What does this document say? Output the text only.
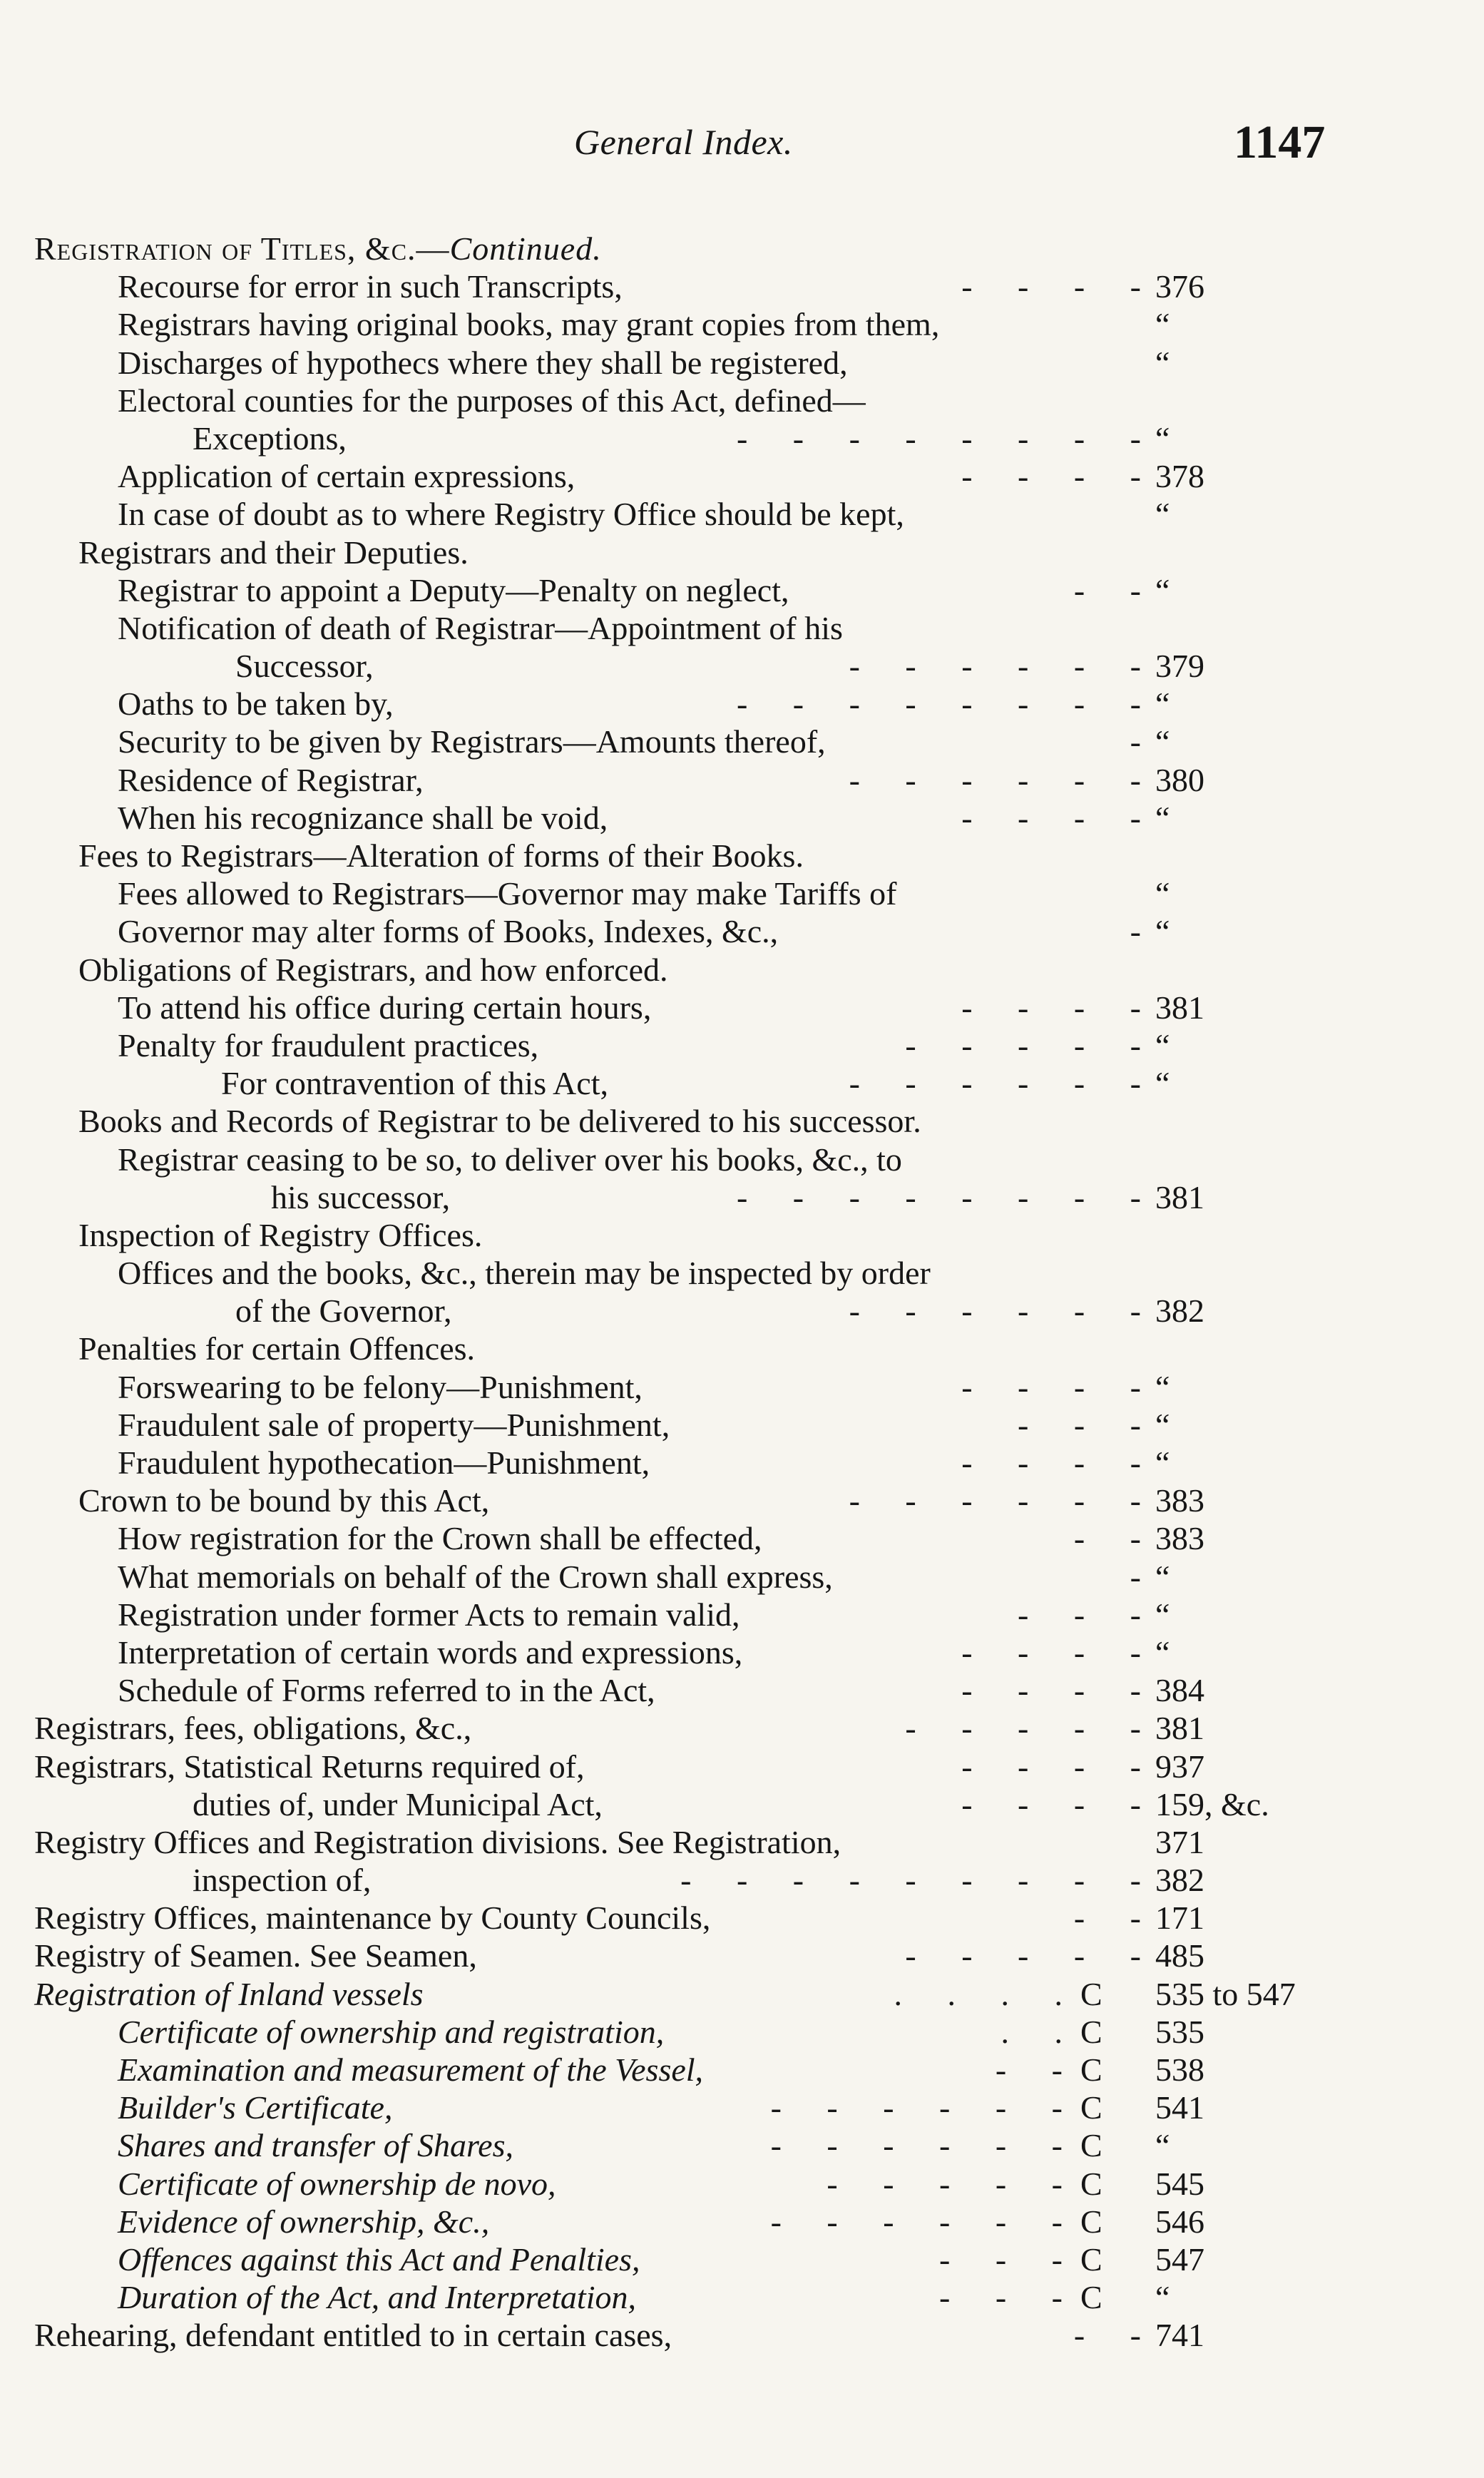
General Index.	1147
Registration of Titles, &c.—Continued.
Recourse for error in such Transcripts,	- - - - 376
Registrars having original books, may grant copies from them,	“
Discharges of hypothecs where they shall be registered,	“
Electoral counties for the purposes of this Act, defined—
Exceptions,	- - - - - - - - “
Application of certain expressions,	- - - - 378
In case of doubt as to where Registry Office should be kept,	“
Registrars and their Deputies.
Registrar to appoint a Deputy—Penalty on neglect,	- - “
Notification of death of Registrar—Appointment of his
Successor,	- - - - - - 379
Oaths to be taken by,	- - - - - - - - “
Security to be given by Registrars—Amounts thereof,	- “
Residence of Registrar,	- - - - - - 380
When his recognizance shall be void,	- - - - “
Fees to Registrars—Alteration of forms of their Books.
Fees allowed to Registrars—Governor may make Tariffs of	“
Governor may alter forms of Books, Indexes, &c.,	- “
Obligations of Registrars, and how enforced.
To attend his office during certain hours,	- - - - 381
Penalty for fraudulent practices,	- - - - - “
For contravention of this Act,	- - - - - - “
Books and Records of Registrar to be delivered to his successor.
Registrar ceasing to be so, to deliver over his books, &c., to
his successor,	- - - - - - - - 381
Inspection of Registry Offices.
Offices and the books, &c., therein may be inspected by order
of the Governor,	- - - - - - 382
Penalties for certain Offences.
Forswearing to be felony—Punishment,	- - - - “
Fraudulent sale of property—Punishment,	- - - “
Fraudulent hypothecation—Punishment,	- - - - “
Crown to be bound by this Act,	- - - - - - 383
How registration for the Crown shall be effected,	- - 383
What memorials on behalf of the Crown shall express,	- “
Registration under former Acts to remain valid,	- - - “
Interpretation of certain words and expressions,	- - - - “
Schedule of Forms referred to in the Act,	- - - - 384
Registrars, fees, obligations, &c.,	- - - - - 381
Registrars, Statistical Returns required of,	- - - - 937
duties of, under Municipal Act,	- - - - 159, &c.
Registry Offices and Registration divisions. See Registration,	371
inspection of,	- - - - - - - - - 382
Registry Offices, maintenance by County Councils,	- - 171
Registry of Seamen. See Seamen,	- - - - - 485
Registration of Inland vessels	. . . . C 535 to 547
Certificate of ownership and registration,	. . C 535
Examination and measurement of the Vessel,	- - C 538
Builder's Certificate,	- - - - - - C 541
Shares and transfer of Shares,	- - - - - - C “
Certificate of ownership de novo,	- - - - - C 545
Evidence of ownership, &c.,	- - - - - - C 546
Offences against this Act and Penalties,	- - - C 547
Duration of the Act, and Interpretation,	- - - C “
Rehearing, defendant entitled to in certain cases,	- - 741
